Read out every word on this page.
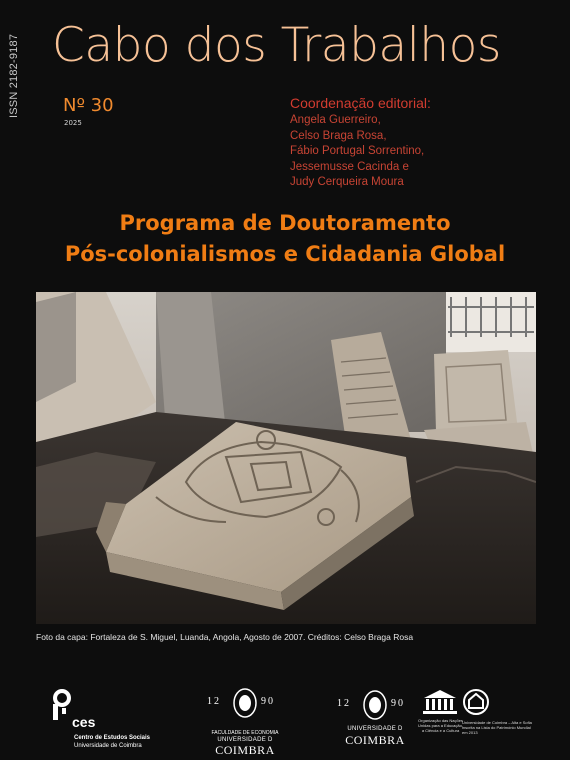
ISSN 2182-9187 Cabo dos Trabalhos
Nº 30
2025
Coordenação editorial:
Angela Guerreiro,
Celso Braga Rosa,
Fábio Portugal Sorrentino,
Jessemusse Cacinda e
Judy Cerqueira Moura
Programa de Doutoramento
Pós-colonialismos e Cidadania Global
Foto da capa: Fortaleza de S. Miguel, Luanda, Angola, Agosto de 2007. Créditos: Celso Braga Rosa
ces
Centro de Estudos Sociais
Universidade de Coimbra
12	90
FACULDADE DE ECONOMIA
UNIVERSIDADE D
COIMBRA
12	90
UNIVERSIDADE D
COIMBRA
Organização das Nações Unidas para a Educação, a Ciência e a Cultura
Universidade de Coimbra – Alta e Sofia inscrita na Lista do Património Mundial em 2013
